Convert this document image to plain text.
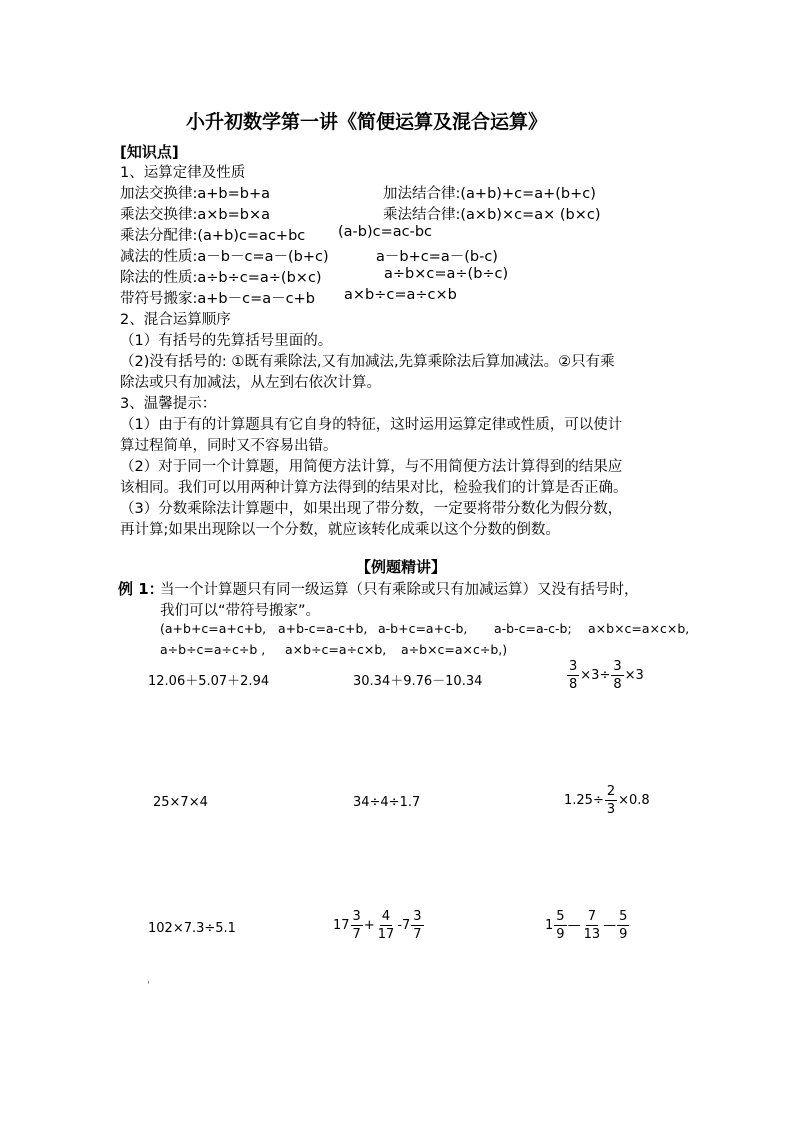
小升初数学第一讲《简便运算及混合运算》
[知识点]
1、运算定律及性质
加法交换律:a+b=b+a	加法结合律:(a+b)+c=a+(b+c)
乘法交换律:a×b=b×a	乘法结合律:(a×b)×c=a× (b×c)
乘法分配律:(a+b)c=ac+bc (a-b)c=ac-bc
减法的性质:a－b－c=a－(b+c)	a－b+c=a－(b-c)
除法的性质:a÷b÷c=a÷(b×c)	a÷b×c=a÷(b÷c)
带符号搬家:a+b－c=a－c+b a×b÷c=a÷c×b
2、混合运算顺序
（1）有括号的先算括号里面的。
（2)没有括号的: ①既有乘除法,又有加减法,先算乘除法后算加减法。②只有乘
除法或只有加减法，从左到右依次计算。
3、温馨提示：
（1）由于有的计算题具有它自身的特征，这时运用运算定律或性质，可以使计
算过程简单，同时又不容易出错。
（2）对于同一个计算题，用简便方法计算，与不用简便方法计算得到的结果应
该相同。我们可以用两种计算方法得到的结果对比，检验我们的计算是否正确。
（3）分数乘除法计算题中，如果出现了带分数，一定要将带分数化为假分数，
再计算;如果出现除以一个分数，就应该转化成乘以这个分数的倒数。
【例题精讲】
例 1：
当一个计算题只有同一级运算（只有乘除或只有加减运算）又没有括号时，
我们可以“带符号搬家”。
(a+b+c=a+c+b, a+b-c=a-c+b, a-b+c=a+c-b, a-b-c=a-c-b; a×b×c=a×c×b,
a÷b÷c=a÷c÷b , a×b÷c=a÷c×b, a÷b×c=a×c÷b,)
12.06＋5.07＋2.94	30.34＋9.76－10.34	$\frac{3}{8} \times 3\div \frac{3}{8} \times 3$
25×7×4	34÷4÷1.7	$1.25\div \frac{2}{3} \times 0.8$
102×7.3÷5.1	$17 \frac{3}{7} + \frac{4}{17} -7 \frac{3}{7}$	$1 \frac{5}{9}$ — $\frac{7}{13}$ — $\frac{5}{9}$
'
